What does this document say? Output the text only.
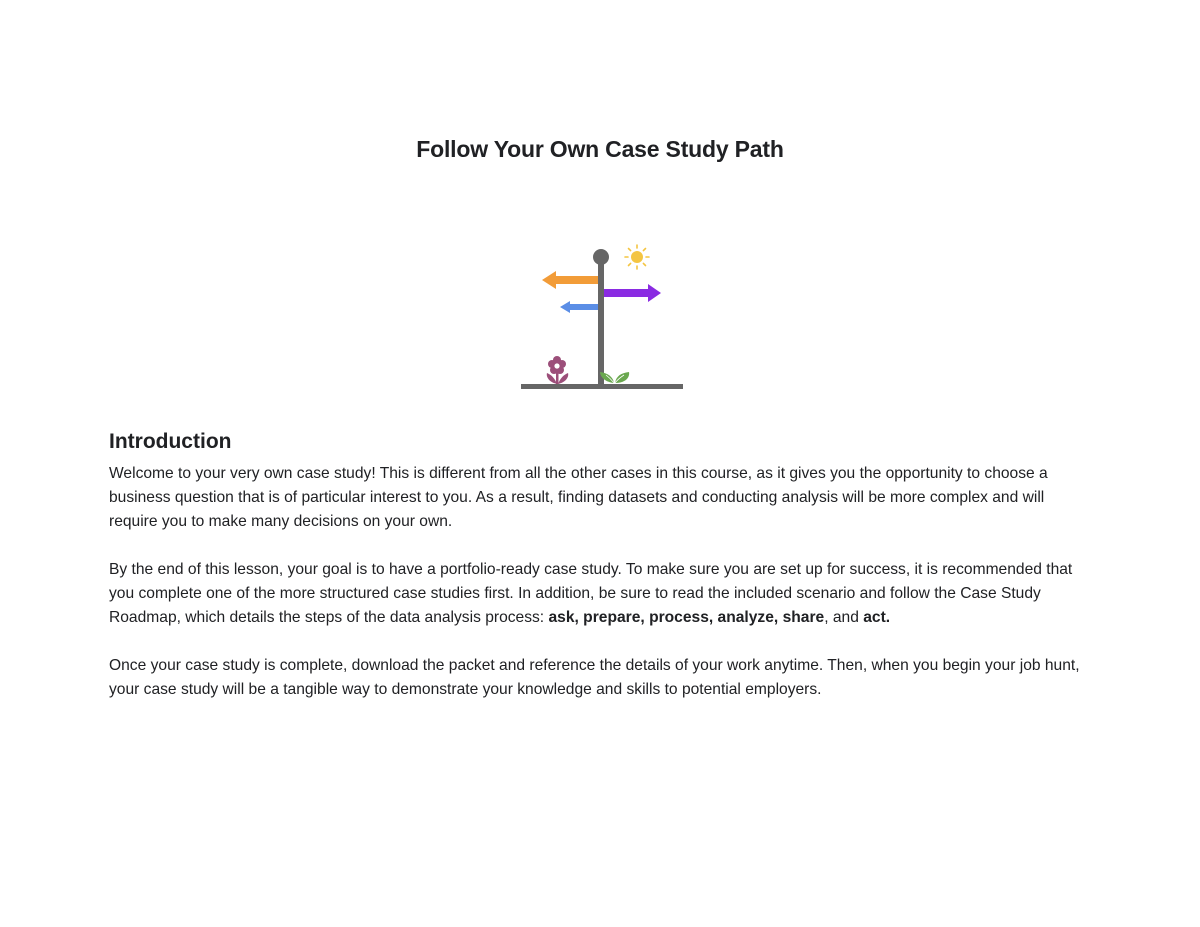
Follow Your Own Case Study Path
Introduction

Welcome to your very own case study! This is different from all the other cases in this course, as it gives you the opportunity to choose a business question that is of particular interest to you. As a result, finding datasets and conducting analysis will be more complex and will require you to make many decisions on your own.

By the end of this lesson, your goal is to have a portfolio-ready case study. To make sure you are set up for success, it is recommended that you complete one of the more structured case studies first. In addition, be sure to read the included scenario and follow the Case Study Roadmap, which details the steps of the data analysis process: ask, prepare, process, analyze, share, and act.

Once your case study is complete, download the packet and reference the details of your work anytime. Then, when you begin your job hunt, your case study will be a tangible way to demonstrate your knowledge and skills to potential employers.
